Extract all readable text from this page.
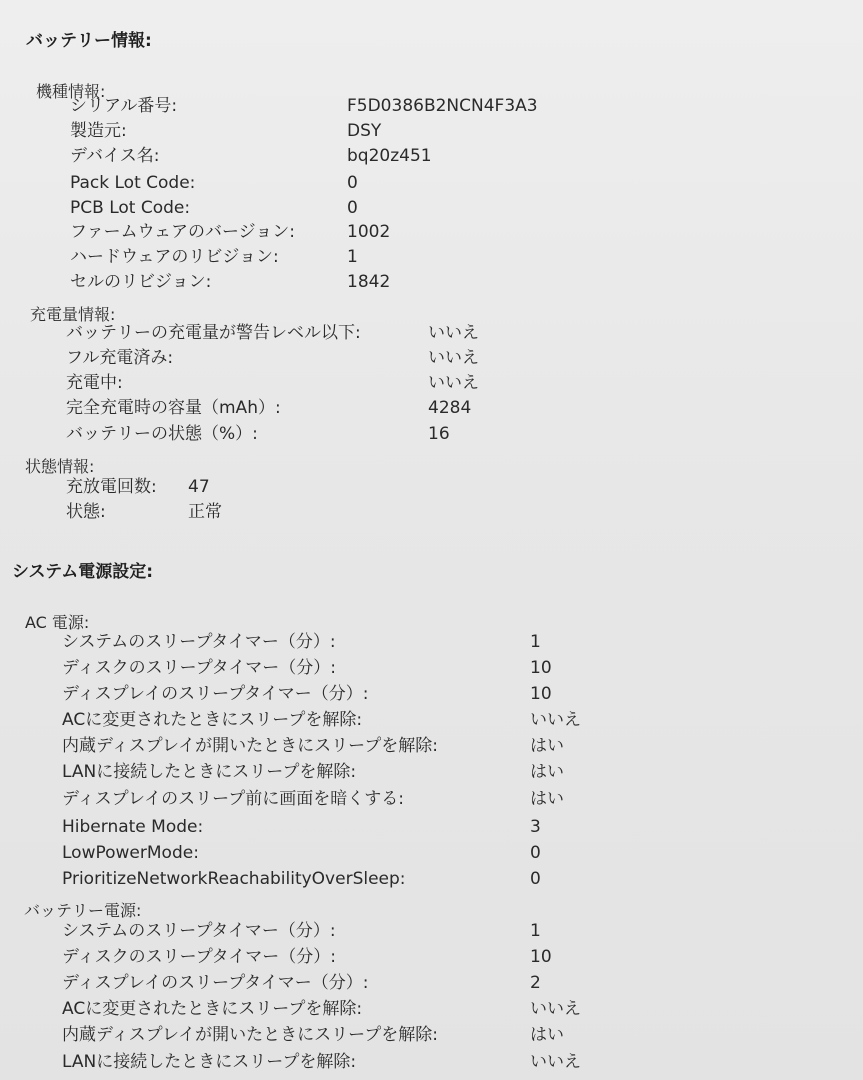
バッテリー情報:
機種情報:
シリアル番号:	F5D0386B2NCN4F3A3
製造元:	DSY
デバイス名:	bq20z451
Pack Lot Code:	0
PCB Lot Code:	0
ファームウェアのバージョン:	1002
ハードウェアのリビジョン:	1
セルのリビジョン:	1842
充電量情報:
バッテリーの充電量が警告レベル以下:	いいえ
フル充電済み:	いいえ
充電中:	いいえ
完全充電時の容量（mAh）:	4284
バッテリーの状態（%）:	16
状態情報:
充放電回数: 47
状態:	正常
システム電源設定:
AC 電源:
システムのスリープタイマー（分）:	1
ディスクのスリープタイマー（分）:	10
ディスプレイのスリープタイマー（分）:	10
ACに変更されたときにスリープを解除:	いいえ
内蔵ディスプレイが開いたときにスリープを解除:	はい
LANに接続したときにスリープを解除:	はい
ディスプレイのスリープ前に画面を暗くする:	はい
Hibernate Mode:	3
LowPowerMode:	0
PrioritizeNetworkReachabilityOverSleep:	0
バッテリー電源:
システムのスリープタイマー（分）:	1
ディスクのスリープタイマー（分）:	10
ディスプレイのスリープタイマー（分）:	2
ACに変更されたときにスリープを解除:	いいえ
内蔵ディスプレイが開いたときにスリープを解除:	はい
LANに接続したときにスリープを解除:	いいえ
